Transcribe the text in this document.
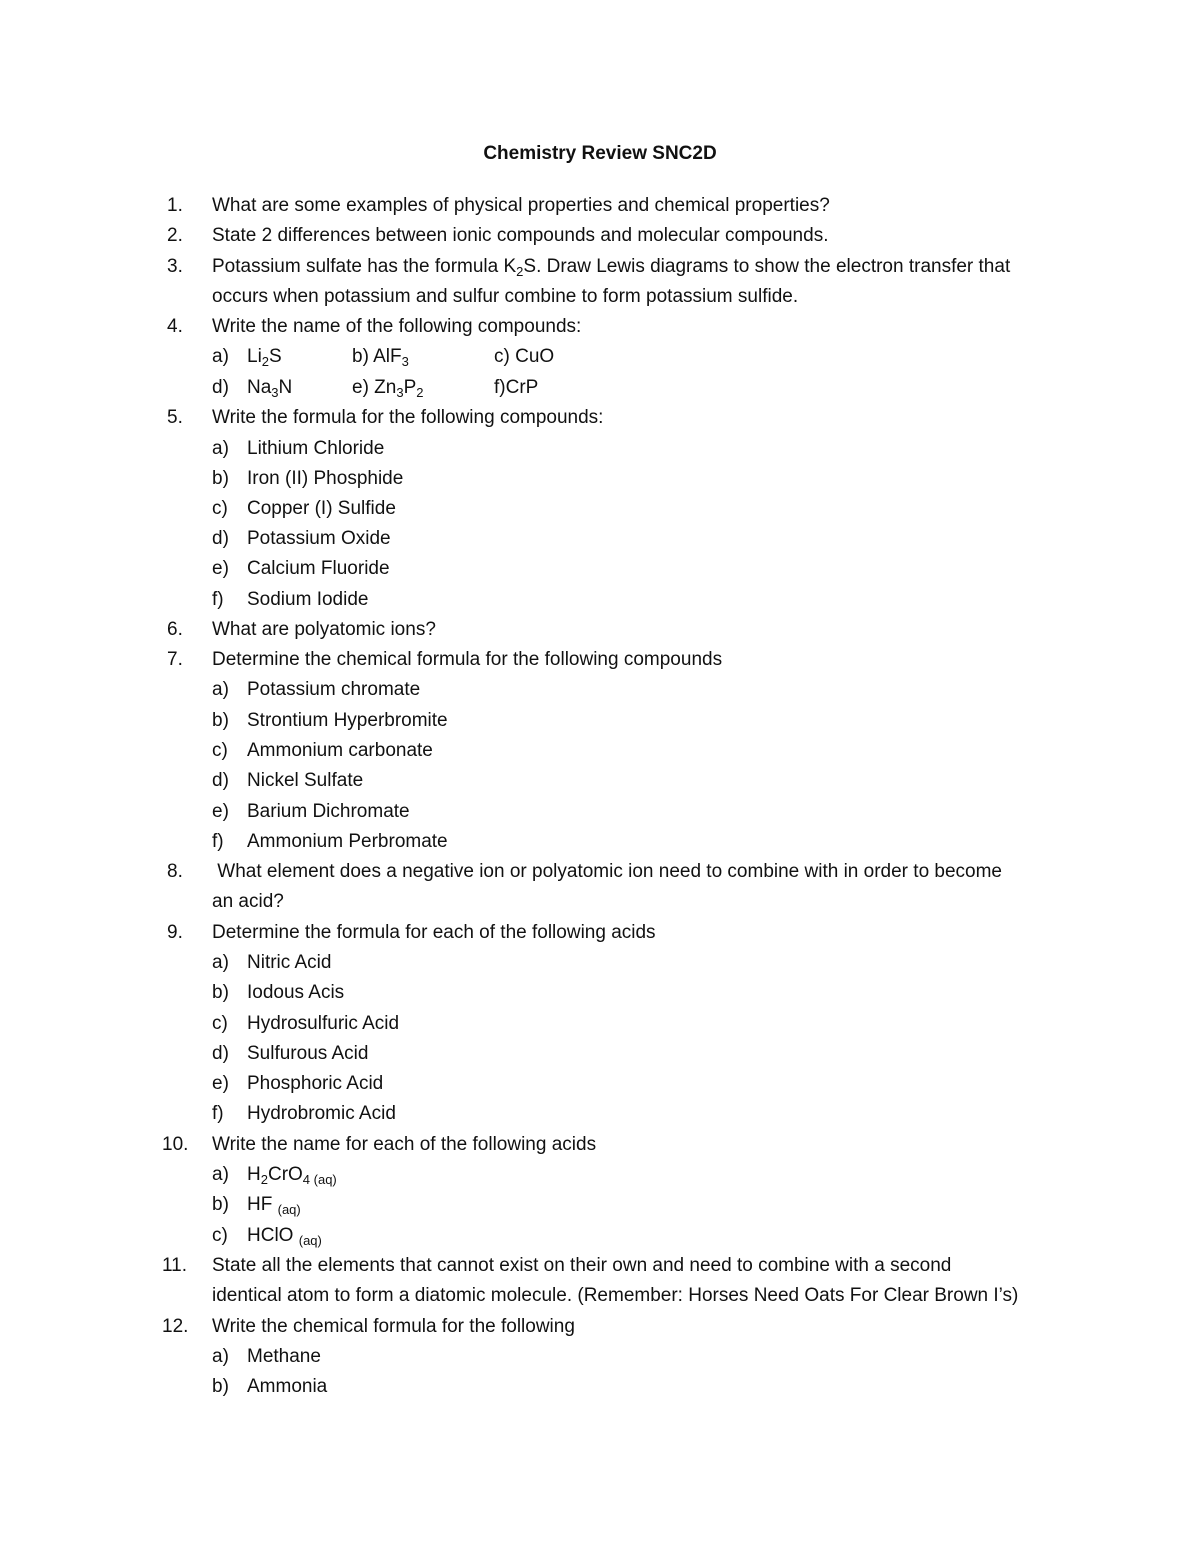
Chemistry Review SNC2D
1.	What are some examples of physical properties and chemical properties?
2.	State 2 differences between ionic compounds and molecular compounds.
3.	Potassium sulfate has the formula $K_2S$. Draw Lewis diagrams to show the electron transfer that
occurs when potassium and sulfur combine to form potassium sulfide.
4.	Write the name of the following compounds:
a) $Li_2S$	b) AlF$_3$	c) CuO
d) $Na_3N$	e) $Zn_3P_2$	f)CrP
5.	Write the formula for the following compounds:
a) Lithium Chloride
b) Iron (II) Phosphide
c) Copper (I) Sulfide
d) Potassium Oxide
e) Calcium Fluoride
f) Sodium Iodide
6.	What are polyatomic ions?
7.	Determine the chemical formula for the following compounds
a) Potassium chromate
b) Strontium Hyperbromite
c) Ammonium carbonate
d) Nickel Sulfate
e) Barium Dichromate
f) Ammonium Perbromate
8.	What element does a negative ion or polyatomic ion need to combine with in order to become
an acid?
9.	Determine the formula for each of the following acids
a) Nitric Acid
b) Iodous Acis
c) Hydrosulfuric Acid
d) Sulfurous Acid
e) Phosphoric Acid
f) Hydrobromic Acid
10. Write the name for each of the following acids
a) $H_2CrO_{4 (aq)}$
b) HF $_{(aq)}$
c) HClO $_{(aq)}$
11. State all the elements that cannot exist on their own and need to combine with a second
identical atom to form a diatomic molecule. (Remember: Horses Need Oats For Clear Brown I’s)
12. Write the chemical formula for the following
a) Methane
b) Ammonia
